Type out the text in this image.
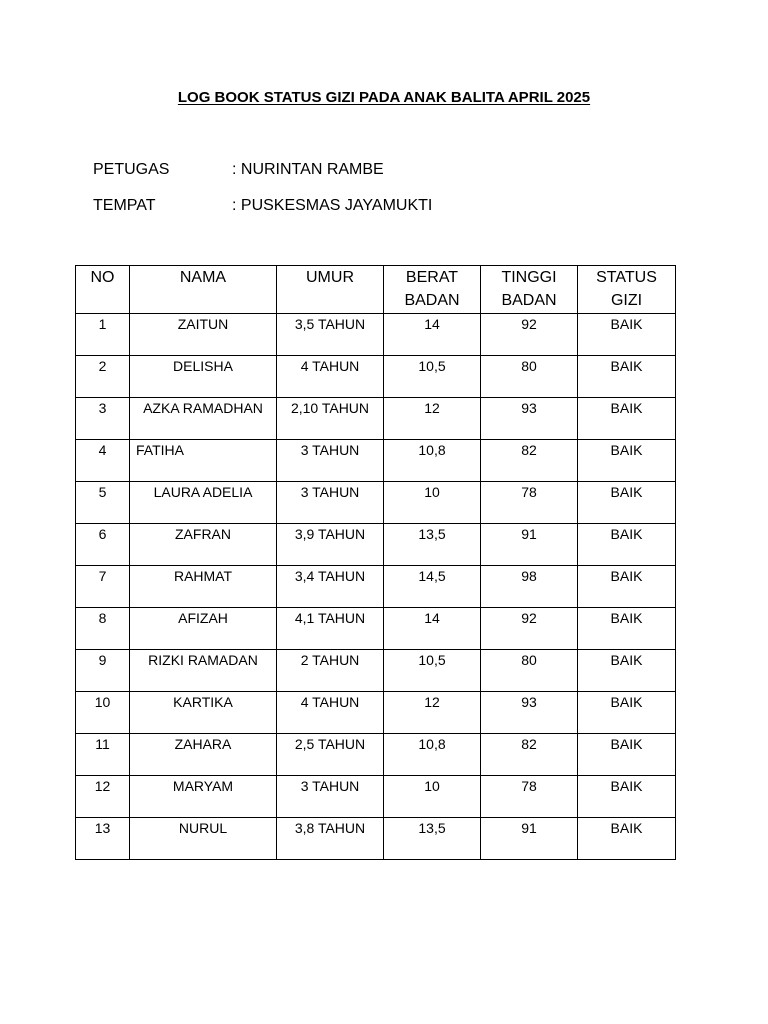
LOG BOOK STATUS GIZI PADA ANAK BALITA APRIL 2025
PETUGAS	: NURINTAN RAMBE
TEMPAT	: PUSKESMAS JAYAMUKTI
NO	NAMA	UMUR	BERAT BADAN	TINGGI BADAN	STATUS GIZI
1	ZAITUN	3,5 TAHUN	14	92	BAIK
2	DELISHA	4 TAHUN	10,5	80	BAIK
3	AZKA RAMADHAN	2,10 TAHUN	12	93	BAIK
4	FATIHA	3 TAHUN	10,8	82	BAIK
5	LAURA ADELIA	3 TAHUN	10	78	BAIK
6	ZAFRAN	3,9 TAHUN	13,5	91	BAIK
7	RAHMAT	3,4 TAHUN	14,5	98	BAIK
8	AFIZAH	4,1 TAHUN	14	92	BAIK
9	RIZKI RAMADAN	2 TAHUN	10,5	80	BAIK
10	KARTIKA	4 TAHUN	12	93	BAIK
11	ZAHARA	2,5 TAHUN	10,8	82	BAIK
12	MARYAM	3 TAHUN	10	78	BAIK
13	NURUL	3,8 TAHUN	13,5	91	BAIK
